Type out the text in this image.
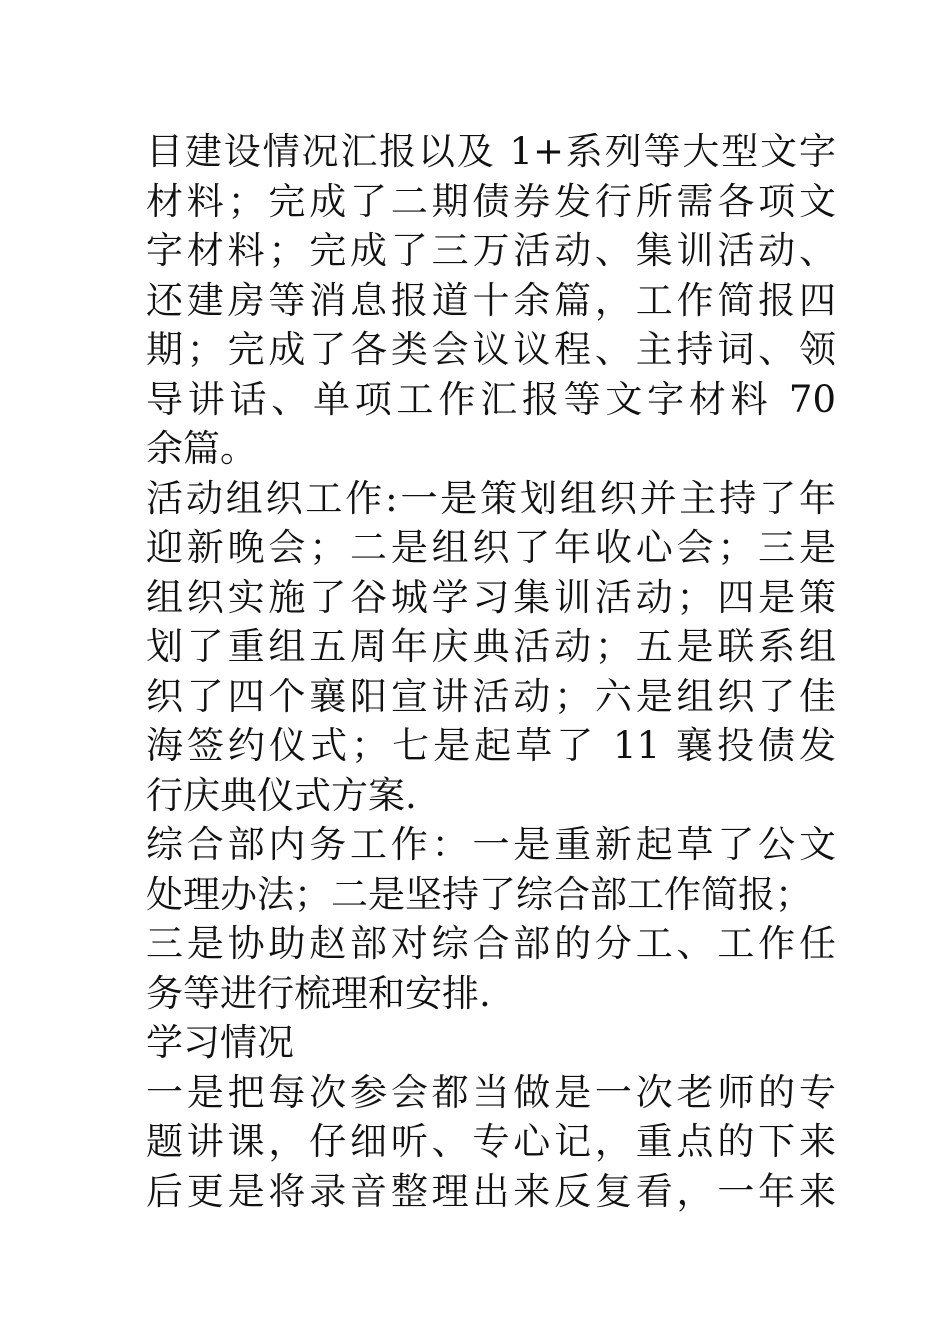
目建设情况汇报以及 1+系列等大型文字
材料；完成了二期债券发行所需各项文
字材料；完成了三万活动、集训活动、
还建房等消息报道十余篇，工作简报四
期；完成了各类会议议程、主持词、领
导讲话、单项工作汇报等文字材料 70
余篇。
活动组织工作:一是策划组织并主持了年
迎新晚会；二是组织了年收心会；三是
组织实施了谷城学习集训活动；四是策
划了重组五周年庆典活动；五是联系组
织了四个襄阳宣讲活动；六是组织了佳
海签约仪式；七是起草了 11 襄投债发
行庆典仪式方案.
综合部内务工作：一是重新起草了公文
处理办法；二是坚持了综合部工作简报；
三是协助赵部对综合部的分工、工作任
务等进行梳理和安排.
学习情况
一是把每次参会都当做是一次老师的专
题讲课，仔细听、专心记，重点的下来
后更是将录音整理出来反复看，一年来
